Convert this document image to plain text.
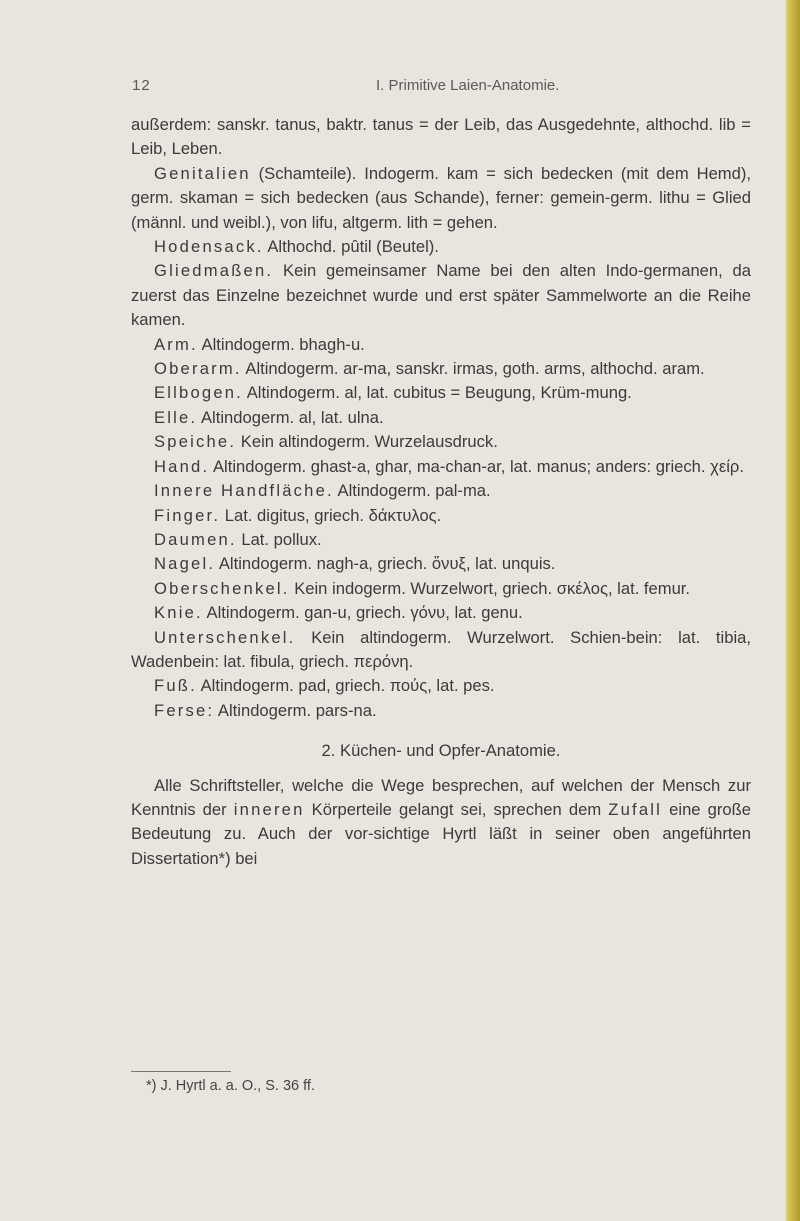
12	I. Primitive Laien-Anatomie.

außerdem: sanskr. tanus, baktr. tanus = der Leib, das Ausgedehnte, althochd. lib = Leib, Leben.

Genitalien (Schamteile). Indogerm. kam = sich bedecken (mit dem Hemd), germ. skaman = sich bedecken (aus Schande), ferner: gemein-germ. lithu = Glied (männl. und weibl.), von lifu, altgerm. lith = gehen.

Hodensack. Althochd. pûtil (Beutel).

Gliedmaßen. Kein gemeinsamer Name bei den alten Indo-germanen, da zuerst das Einzelne bezeichnet wurde und erst später Sammelworte an die Reihe kamen.

Arm. Altindogerm. bhagh-u.

Oberarm. Altindogerm. ar-ma, sanskr. irmas, goth. arms, althochd. aram.

Ellbogen. Altindogerm. al, lat. cubitus = Beugung, Krüm-mung.

Elle. Altindogerm. al, lat. ulna.

Speiche. Kein altindogerm. Wurzelausdruck.

Hand. Altindogerm. ghast-a, ghar, ma-chan-ar, lat. manus; anders: griech. χείρ.

Innere Handfläche. Altindogerm. pal-ma.

Finger. Lat. digitus, griech. δάκτυλος.

Daumen. Lat. pollux.

Nagel. Altindogerm. nagh-a, griech. ὄνυξ, lat. unquis.

Oberschenkel. Kein indogerm. Wurzelwort, griech. σκέλος, lat. femur.

Knie. Altindogerm. gan-u, griech. γόνυ, lat. genu.

Unterschenkel. Kein altindogerm. Wurzelwort. Schien-bein: lat. tibia, Wadenbein: lat. fibula, griech. περόνη.

Fuß. Altindogerm. pad, griech. πούς, lat. pes.

Ferse: Altindogerm. pars-na.

2. Küchen- und Opfer-Anatomie.

Alle Schriftsteller, welche die Wege besprechen, auf welchen der Mensch zur Kenntnis der inneren Körperteile gelangt sei, sprechen dem Zufall eine große Bedeutung zu. Auch der vor-sichtige Hyrtl läßt in seiner oben angeführten Dissertation*) bei

*) J. Hyrtl a. a. O., S. 36 ff.
